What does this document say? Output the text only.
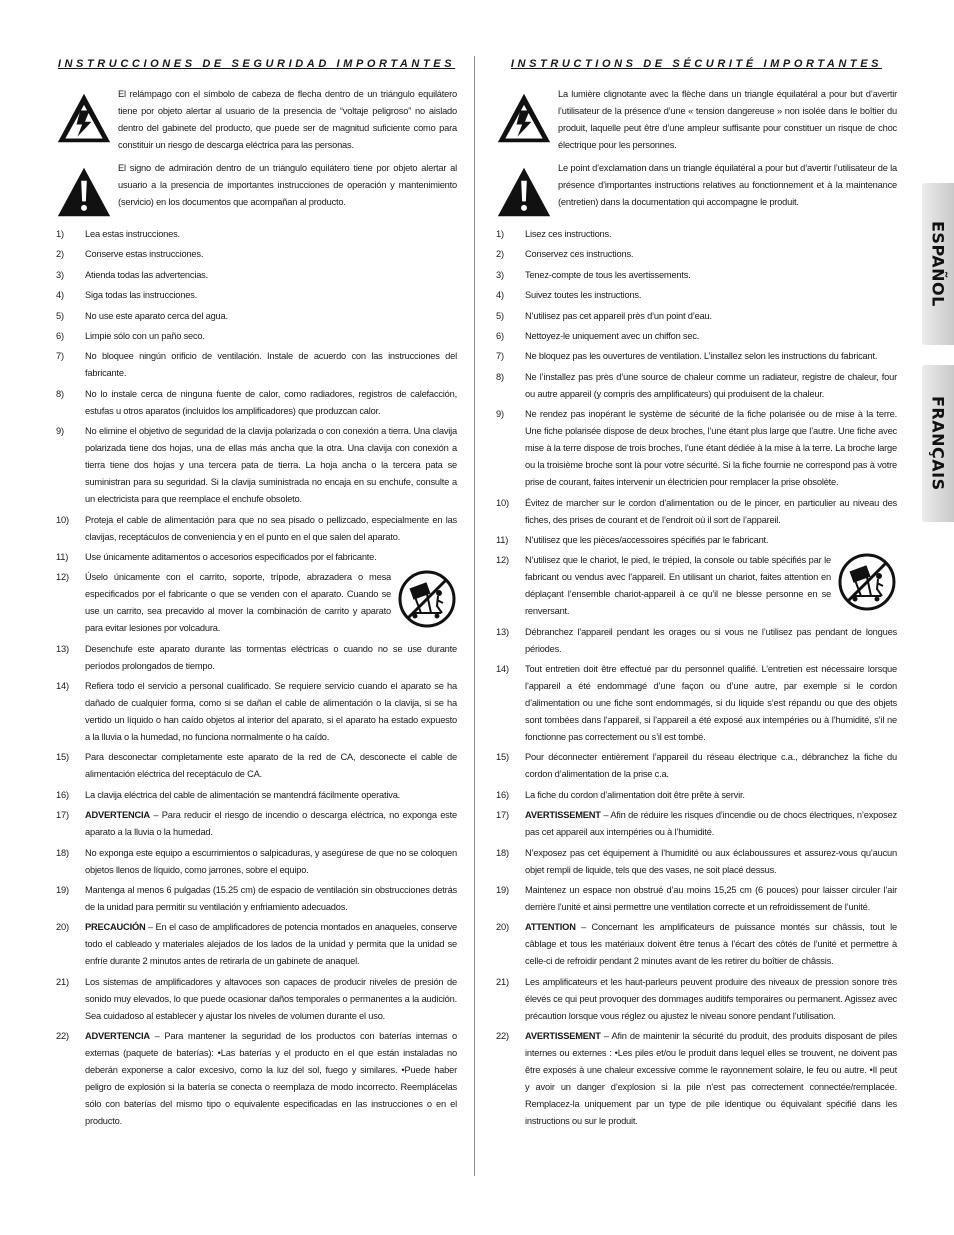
INSTRUCCIONES DE SEGURIDAD IMPORTANTES
El relámpago con el símbolo de cabeza de flecha dentro de un triángulo equilátero tiene por objeto alertar al usuario de la presencia de “voltaje peligroso” no aislado dentro del gabinete del producto, que puede ser de magnitud suficiente como para constituir un riesgo de descarga eléctrica para las personas.
El signo de admiración dentro de un triángulo equilátero tiene por objeto alertar al usuario a la presencia de importantes instrucciones de operación y mantenimiento (servicio) en los documentos que acompañan al producto.
1)	Lea estas instrucciones.
2)	Conserve estas instrucciones.
3)	Atienda todas las advertencias.
4)	Siga todas las instrucciones.
5)	No use este aparato cerca del agua.
6)	Limpie sólo con un paño seco.
7)	No bloquee ningún orificio de ventilación. Instale de acuerdo con las instrucciones del fabricante.
8)	No lo instale cerca de ninguna fuente de calor, como radiadores, registros de calefacción, estufas u otros aparatos (incluidos los amplificadores) que produzcan calor.
9)	No elimine el objetivo de seguridad de la clavija polarizada o con conexión a tierra. Una clavija polarizada tiene dos hojas, una de ellas más ancha que la otra. Una clavija con conexión a tierra tiene dos hojas y una tercera pata de tierra. La hoja ancha o la tercera pata se suministran para su seguridad. Si la clavija suministrada no encaja en su enchufe, consulte a un electricista para que reemplace el enchufe obsoleto.
10)	Proteja el cable de alimentación para que no sea pisado o pellizcado, especialmente en las clavijas, receptáculos de conveniencia y en el punto en el que salen del aparato.
11)	Use únicamente aditamentos o accesorios especificados por el fabricante.
12)	Úselo únicamente con el carrito, soporte, trípode, abrazadera o mesa especificados por el fabricante o que se venden con el aparato. Cuando se use un carrito, sea precavido al mover la combinación de carrito y aparato para evitar lesiones por volcadura.
13)	Desenchufe este aparato durante las tormentas eléctricas o cuando no se use durante períodos prolongados de tiempo.
14)	Refiera todo el servicio a personal cualificado. Se requiere servicio cuando el aparato se ha dañado de cualquier forma, como si se dañan el cable de alimentación o la clavija, si se ha vertido un líquido o han caído objetos al interior del aparato, si el aparato ha estado expuesto a la lluvia o la humedad, no funciona normalmente o ha caído.
15)	Para desconectar completamente este aparato de la red de CA, desconecte el cable de alimentación eléctrica del receptáculo de CA.
16)	La clavija eléctrica del cable de alimentación se mantendrá fácilmente operativa.
17)	ADVERTENCIA – Para reducir el riesgo de incendio o descarga eléctrica, no exponga este aparato a la lluvia o la humedad.
18)	No exponga este equipo a escurrimientos o salpicaduras, y asegúrese de que no se coloquen objetos llenos de líquido, como jarrones, sobre el equipo.
19)	Mantenga al menos 6 pulgadas (15.25 cm) de espacio de ventilación sin obstrucciones detrás de la unidad para permitir su ventilación y enfriamiento adecuados.
20)	PRECAUCIÓN – En el caso de amplificadores de potencia montados en anaqueles, conserve todo el cableado y materiales alejados de los lados de la unidad y permita que la unidad se enfríe durante 2 minutos antes de retirarla de un gabinete de anaquel.
21)	Los sistemas de amplificadores y altavoces son capaces de producir niveles de presión de sonido muy elevados, lo que puede ocasionar daños temporales o permanentes a la audición. Sea cuidadoso al establecer y ajustar los niveles de volumen durante el uso.
22)	ADVERTENCIA – Para mantener la seguridad de los productos con baterías internas o externas (paquete de baterías): •Las baterías y el producto en el que están instaladas no deberán exponerse a calor excesivo, como la luz del sol, fuego y similares. •Puede haber peligro de explosión si la batería se conecta o reemplaza de modo incorrecto. Reemplácelas sólo con baterías del mismo tipo o equivalente especificadas en las instrucciones o en el producto.
INSTRUCTIONS DE SÉCURITÉ IMPORTANTES
La lumière clignotante avec la flèche dans un triangle équilatéral a pour but d’avertir l’utilisateur de la présence d’une « tension dangereuse » non isolée dans le boîtier du produit, laquelle peut être d’une ampleur suffisante pour constituer un risque de choc électrique pour les personnes.
Le point d’exclamation dans un triangle équilatéral a pour but d’avertir l’utilisateur de la présence d’importantes instructions relatives au fonctionnement et à la maintenance (entretien) dans la documentation qui accompagne le produit.
1)	Lisez ces instructions.
2)	Conservez ces instructions.
3)	Tenez-compte de tous les avertissements.
4)	Suivez toutes les instructions.
5)	N’utilisez pas cet appareil près d’un point d’eau.
6)	Nettoyez-le uniquement avec un chiffon sec.
7)	Ne bloquez pas les ouvertures de ventilation. L’installez selon les instructions du fabricant.
8)	Ne l’installez pas près d’une source de chaleur comme un radiateur, registre de chaleur, four ou autre appareil (y compris des amplificateurs) qui produisent de la chaleur.
9)	Ne rendez pas inopérant le système de sécurité de la fiche polarisée ou de mise à la terre. Une fiche polarisée dispose de deux broches, l’une étant plus large que l’autre. Une fiche avec mise à la terre dispose de trois broches, l’une étant dédiée à la mise à la terre. La broche large ou la troisième broche sont là pour votre sécurité. Si la fiche fournie ne correspond pas à votre prise de courant, faites intervenir un électricien pour remplacer la prise obsolète.
10)	Évitez de marcher sur le cordon d’alimentation ou de le pincer, en particulier au niveau des fiches, des prises de courant et de l’endroit où il sort de l’appareil.
11)	N’utilisez que les pièces/accessoires spécifiés par le fabricant.
12)	N’utilisez que le chariot, le pied, le trépied, la console ou table spécifiés par le fabricant ou vendus avec l’appareil. En utilisant un chariot, faites attention en déplaçant l’ensemble chariot-appareil à ce qu’il ne blesse personne en se renversant.
13)	Débranchez l’appareil pendant les orages ou si vous ne l’utilisez pas pendant de longues périodes.
14)	Tout entretien doit être effectué par du personnel qualifié. L’entretien est nécessaire lorsque l’appareil a été endommagé d’une façon ou d’une autre, par exemple si le cordon d’alimentation ou une fiche sont endommagés, si du liquide s’est répandu ou que des objets sont tombées dans l’appareil, si l’appareil a été exposé aux intempéries ou à l’humidité, s’il ne fonctionne pas correctement ou s’il est tombé.
15)	Pour déconnecter entièrement l’appareil du réseau électrique c.a., débranchez la fiche du cordon d’alimentation de la prise c.a.
16)	La fiche du cordon d’alimentation doit être prête à servir.
17)	AVERTISSEMENT – Afin de réduire les risques d’incendie ou de chocs électriques, n’exposez pas cet appareil aux intempéries ou à l’humidité.
18)	N’exposez pas cet équipement à l’humidité ou aux éclaboussures et assurez-vous qu’aucun objet rempli de liquide, tels que des vases, ne soit placé dessus.
19)	Maintenez un espace non obstrué d’au moins 15,25 cm (6 pouces) pour laisser circuler l’air derrière l’unité et ainsi permettre une ventilation correcte et un refroidissement de l’unité.
20)	ATTENTION – Concernant les amplificateurs de puissance montés sur châssis, tout le câblage et tous les matériaux doivent être tenus à l’écart des côtés de l’unité et permettre à celle-ci de refroidir pendant 2 minutes avant de les retirer du boîtier de châssis.
21)	Les amplificateurs et les haut-parleurs peuvent produire des niveaux de pression sonore très élevés ce qui peut provoquer des dommages auditifs temporaires ou permanent. Agissez avec précaution lorsque vous réglez ou ajustez le niveau sonore pendant l’utilisation.
22)	AVERTISSEMENT – Afin de maintenir la sécurité du produit, des produits disposant de piles internes ou externes : •Les piles et/ou le produit dans lequel elles se trouvent, ne doivent pas être exposés à une chaleur excessive comme le rayonnement solaire, le feu ou autre. •Il peut y avoir un danger d’explosion si la pile n’est pas correctement connectée/remplacée. Remplacez-la uniquement par un type de pile identique ou équivalant spécifié dans les instructions ou sur le produit.
ESPAÑOL
FRANÇAIS
